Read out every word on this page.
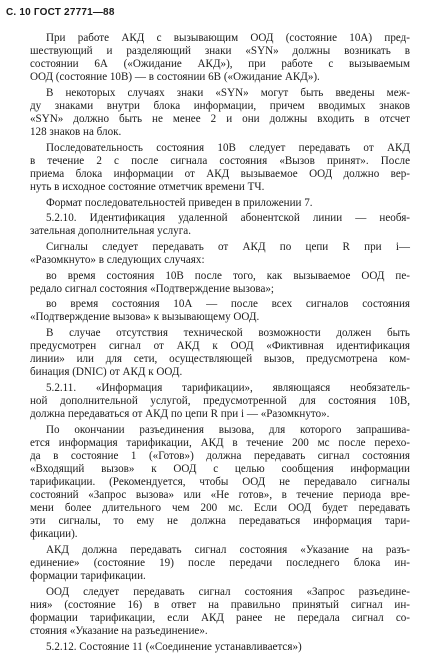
С. 10 ГОСТ 27771—88
При работе АКД с вызывающим ООД (состояние 10А) пред-
шествующий и разделяющий знаки «SYN» должны возникать в
состоянии 6А («Ожидание АКД»), при работе с вызываемым
ООД (состояние 10В) — в состоянии 6В («Ожидание АКД»).
В некоторых случаях знаки «SYN» могут быть введены меж-
ду знаками внутри блока информации, причем вводимых знаков
«SYN» должно быть не менее 2 и они должны входить в отсчет
128 знаков на блок.
Последовательность состояния 10В следует передавать от АКД
в течение 2 с после сигнала состояния «Вызов принят». После
приема блока информации от АКД вызываемое ООД должно вер-
нуть в исходное состояние отметчик времени ТЧ.
Формат последовательностей приведен в приложении 7.
5.2.10. Идентификация удаленной абонентской линии — необя-
зательная дополнительная услуга.
Сигналы следует передавать от АКД по цепи R при i—
«Разомкнуто» в следующих случаях:
во время состояния 10В после того, как вызываемое ООД пе-
редало сигнал состояния «Подтверждение вызова»;
во время состояния 10А — после всех сигналов состояния
«Подтверждение вызова» к вызывающему ООД.
В случае отсутствия технической возможности должен быть
предусмотрен сигнал от АКД к ООД «Фиктивная идентификация
линии» или для сети, осуществляющей вызов, предусмотрена ком-
бинация (DNIC) от АКД к ООД.
5.2.11. «Информация тарификации», являющаяся необязатель-
ной дополнительной услугой, предусмотренной для состояния 10В,
должна передаваться от АКД по цепи R при i — «Разомкнуто».
По окончании разъединения вызова, для которого запрашива-
ется информация тарификации, АКД в течение 200 мс после перехо-
да в состояние 1 («Готов») должна передавать сигнал состояния
«Входящий вызов» к ООД с целью сообщения информации
тарификации. (Рекомендуется, чтобы ООД не передавало сигналы
состояний «Запрос вызова» или «Не готов», в течение периода вре-
мени более длительного чем 200 мс. Если ООД будет передавать
эти сигналы, то ему не должна передаваться информация тари-
фикации).
АКД должна передавать сигнал состояния «Указание на разъ-
единение» (состояние 19) после передачи последнего блока ин-
формации тарификации.
ООД следует передавать сигнал состояния «Запрос разъедине-
ния» (состояние 16) в ответ на правильно принятый сигнал ин-
формации тарификации, если АКД ранее не передала сигнал со-
стояния «Указание на разъединение».
5.2.12. Состояние 11 («Соединение устанавливается»)
